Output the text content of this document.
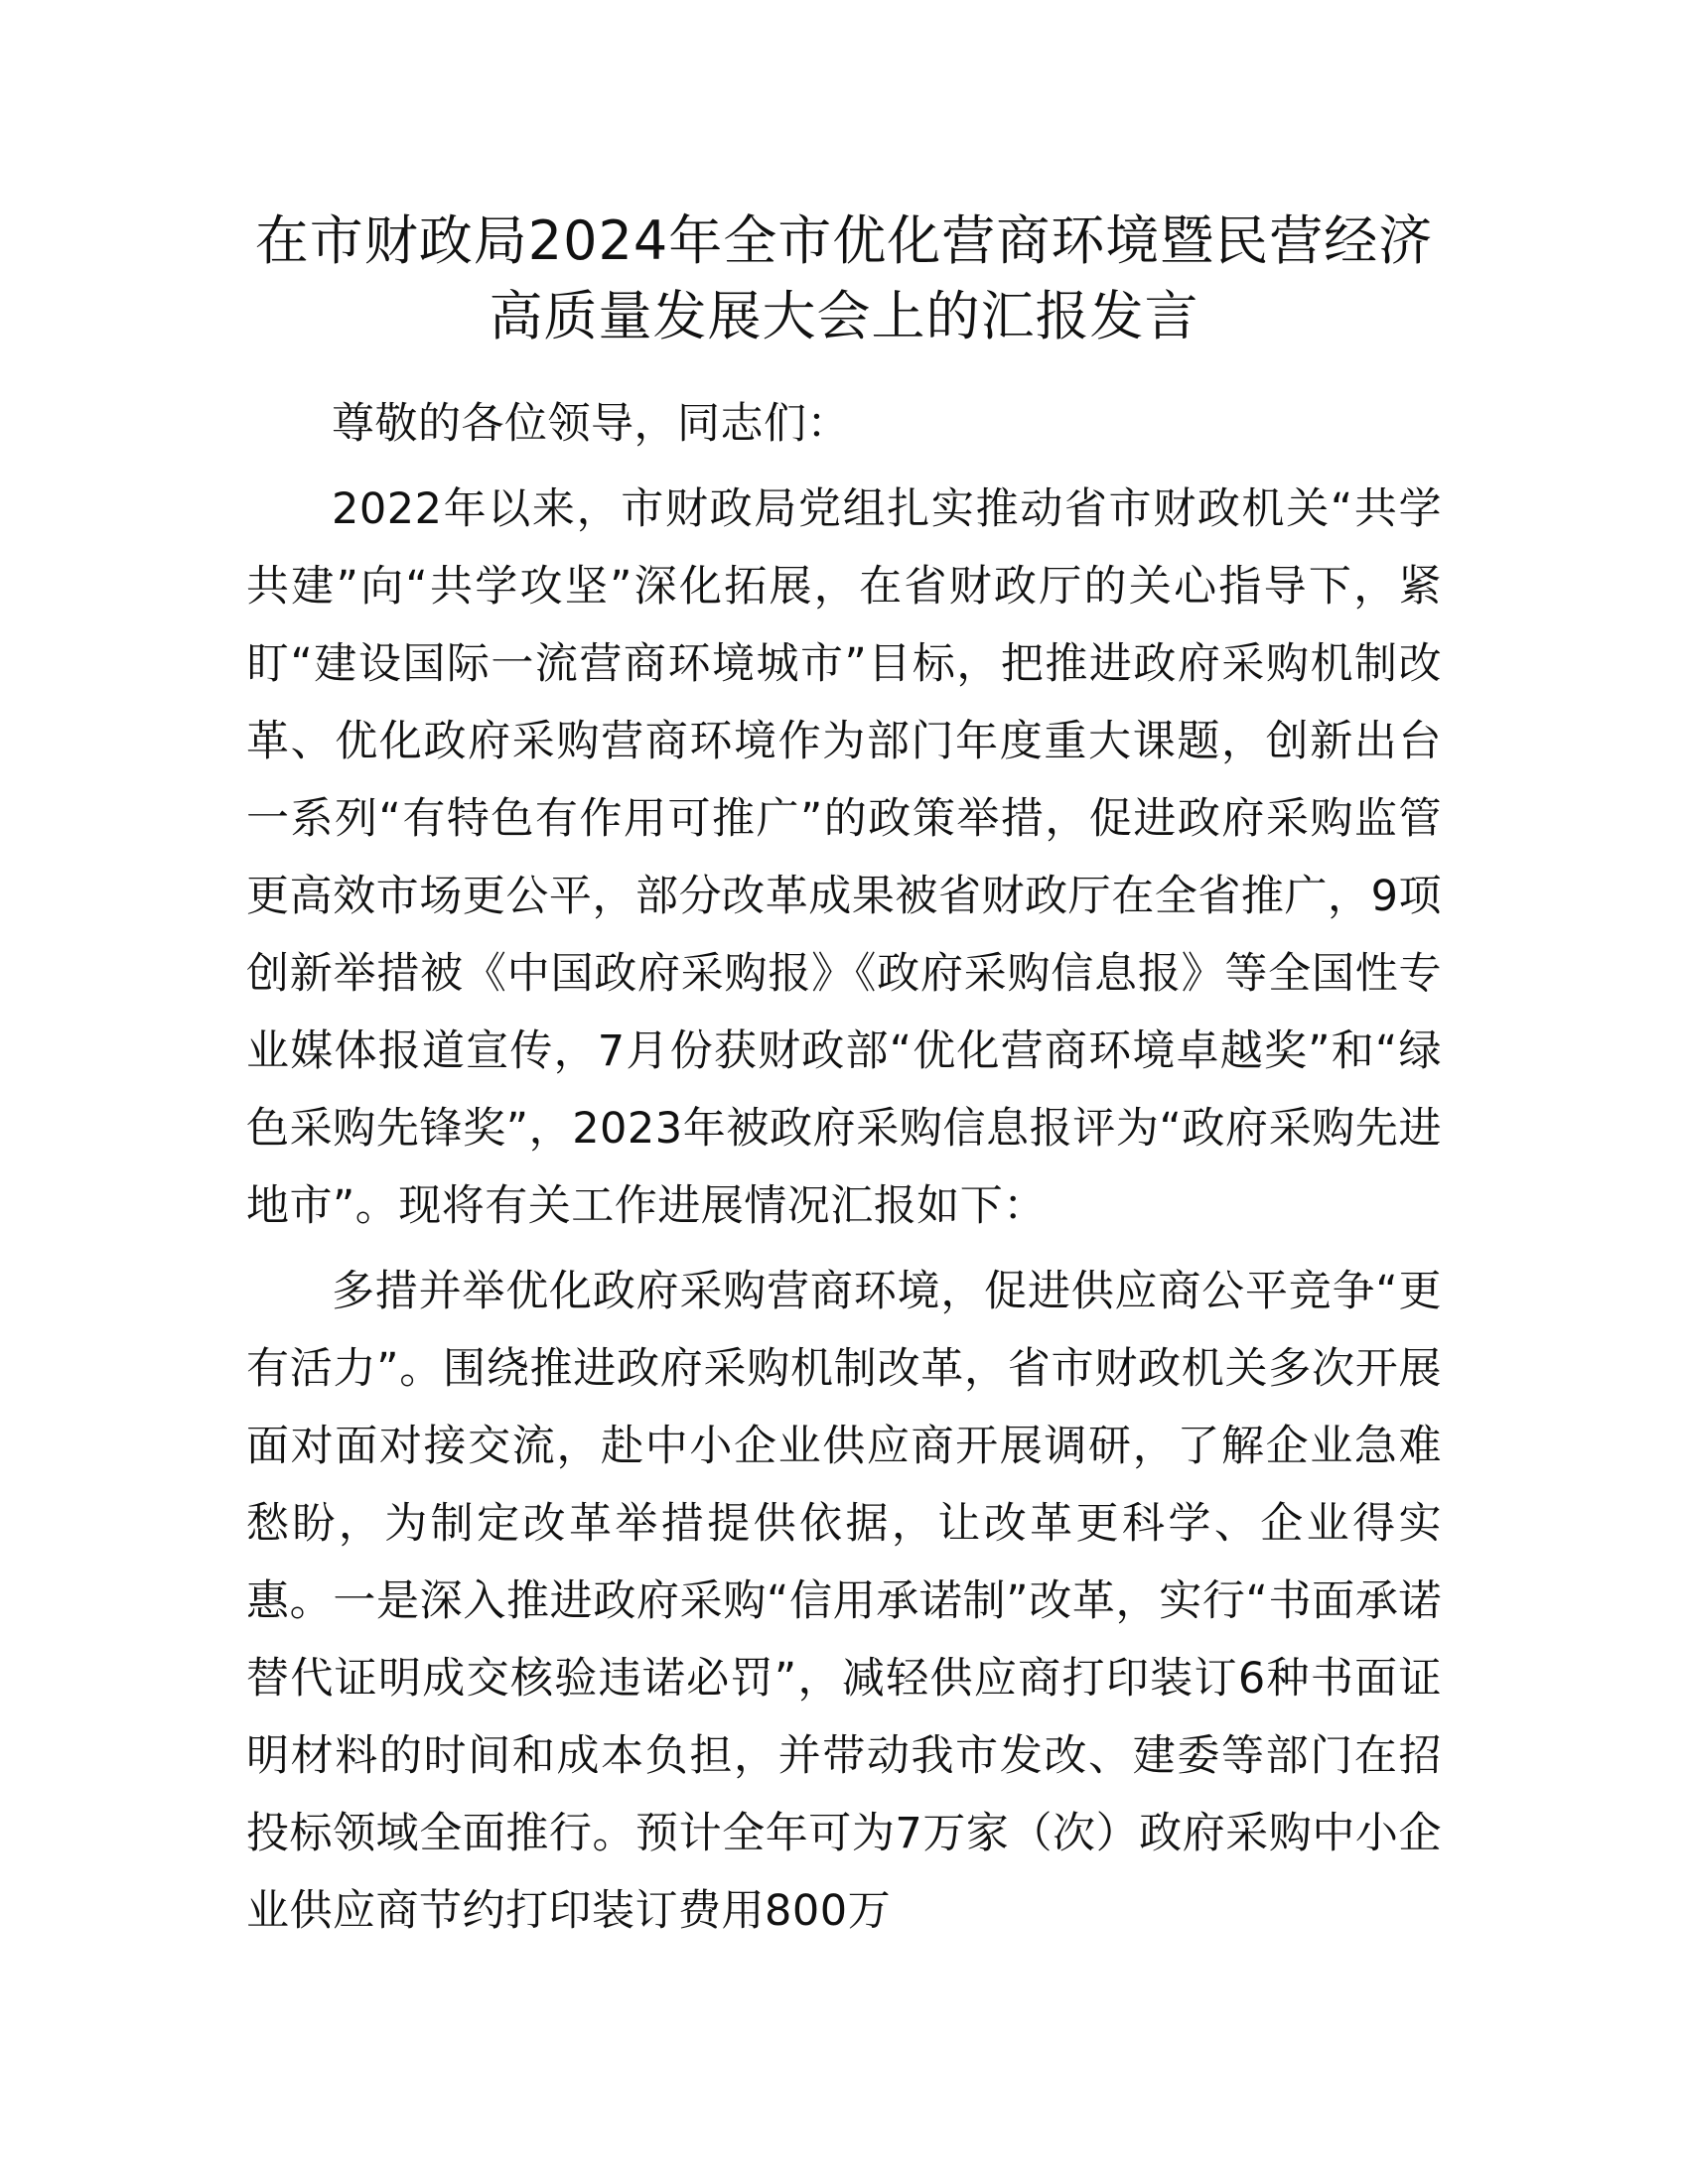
在市财政局2024年全市优化营商环境暨民营经济高质量发展大会上的汇报发言

尊敬的各位领导，同志们：

2022年以来，市财政局党组扎实推动省市财政机关“共学共建”向“共学攻坚”深化拓展，在省财政厅的关心指导下，紧盯“建设国际一流营商环境城市”目标，把推进政府采购机制改革、优化政府采购营商环境作为部门年度重大课题，创新出台一系列“有特色有作用可推广”的政策举措，促进政府采购监管更高效市场更公平，部分改革成果被省财政厅在全省推广，9项创新举措被《中国政府采购报》《政府采购信息报》等全国性专业媒体报道宣传，7月份获财政部“优化营商环境卓越奖”和“绿色采购先锋奖”，2023年被政府采购信息报评为“政府采购先进地市”。现将有关工作进展情况汇报如下：

多措并举优化政府采购营商环境，促进供应商公平竞争“更有活力”。围绕推进政府采购机制改革，省市财政机关多次开展面对面对接交流，赴中小企业供应商开展调研，了解企业急难愁盼，为制定改革举措提供依据，让改革更科学、企业得实惠。一是深入推进政府采购“信用承诺制”改革，实行“书面承诺替代证明成交核验违诺必罚”，减轻供应商打印装订6种书面证明材料的时间和成本负担，并带动我市发改、建委等部门在招投标领域全面推行。预计全年可为7万家（次）政府采购中小企业供应商节约打印装订费用800万
